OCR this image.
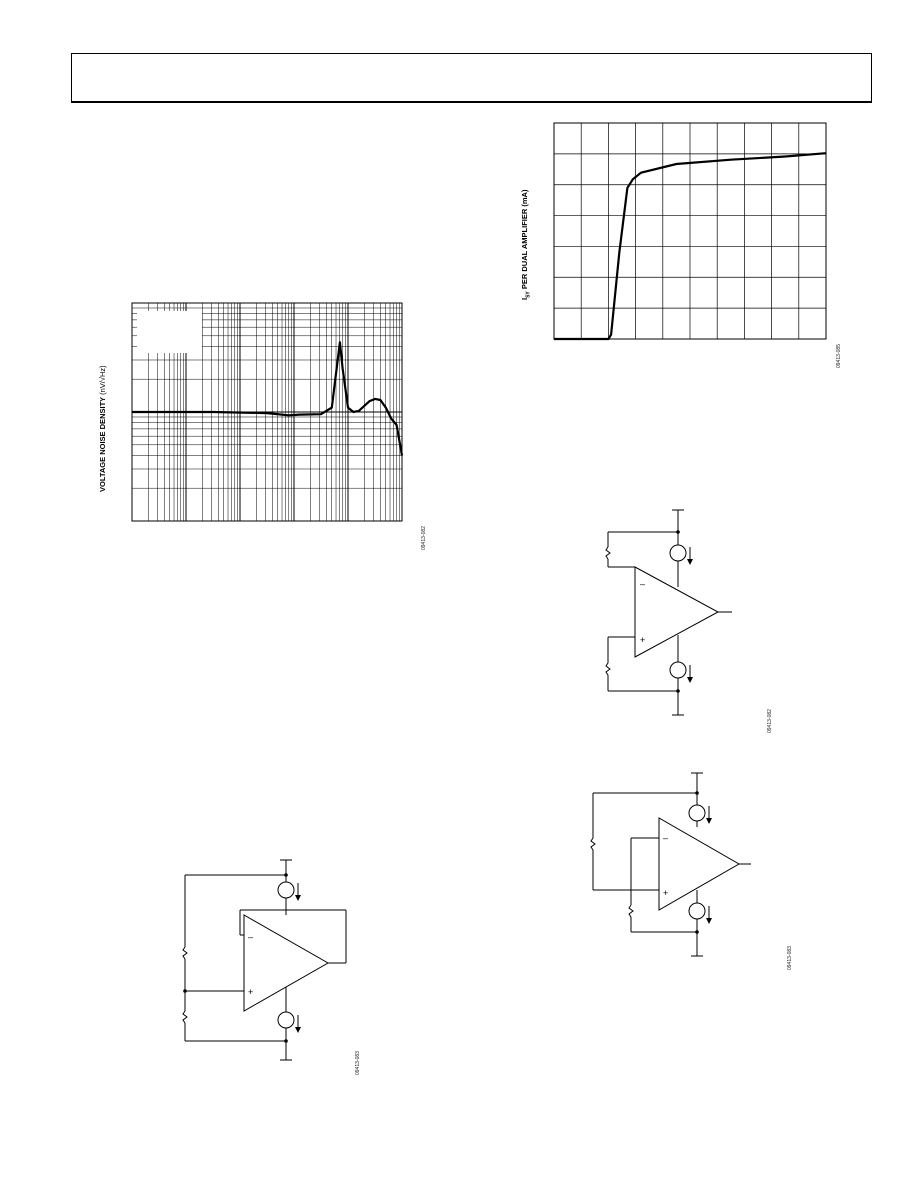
VOLTAGE NOISE DENSITY (nV/√Hz)
09413-082
$I_{SY}$ PER DUAL AMPLIFIER (mA)
09413-085
–
+
09413-083
–
+
09413-082
–
+
09413-083
